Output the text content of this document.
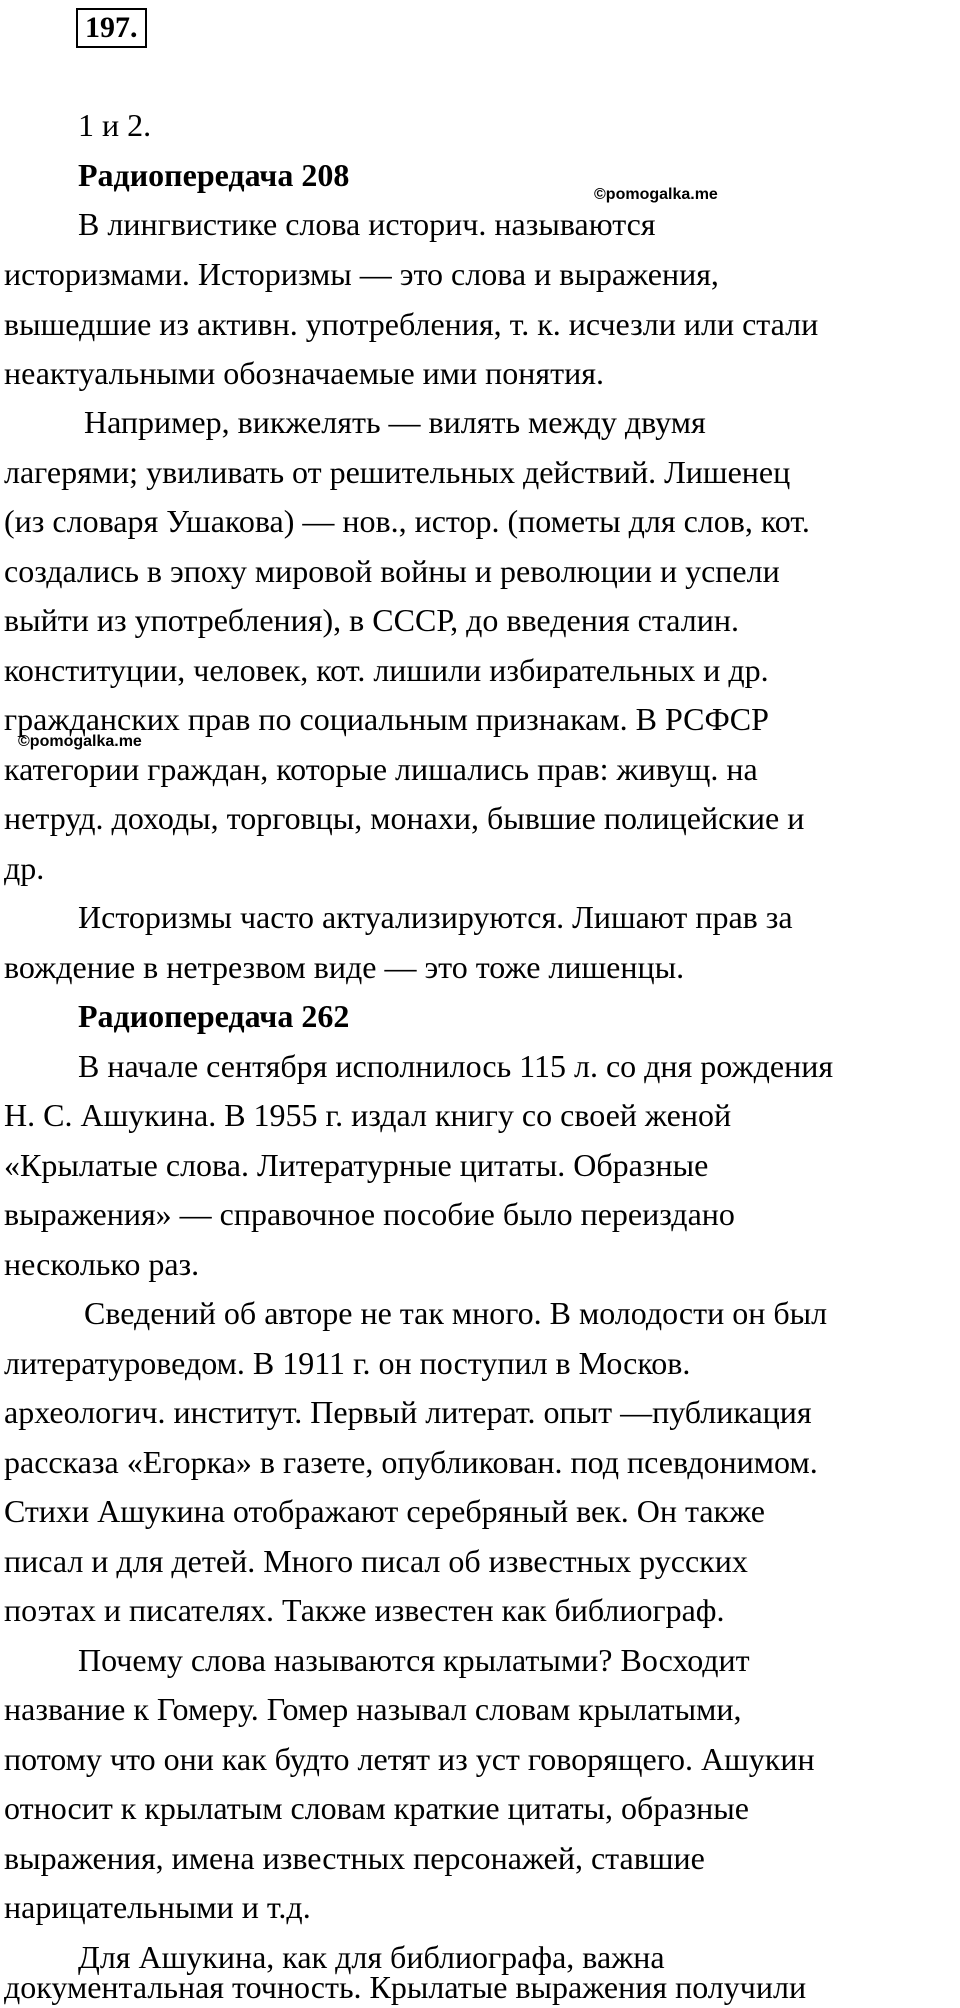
197.
©pomogalka.me
©pomogalka.me
1 и 2.
Радиопередача 208
В лингвистике слова историч. называются
историзмами. Историзмы — это слова и выражения,
вышедшие из активн. употребления, т. к. исчезли или стали
неактуальными обозначаемые ими понятия.
Например, викжелять — вилять между двумя
лагерями; увиливать от решительных действий. Лишенец
(из словаря Ушакова) — нов., истор. (пометы для слов, кот.
создались в эпоху мировой войны и революции и успели
выйти из употребления), в СССР, до введения сталин.
конституции, человек, кот. лишили избирательных и др.
гражданских прав по социальным признакам. В РСФСР
категории граждан, которые лишались прав: живущ. на
нетруд. доходы, торговцы, монахи, бывшие полицейские и
др.
Историзмы часто актуализируются. Лишают прав за
вождение в нетрезвом виде — это тоже лишенцы.
Радиопередача 262
В начале сентября исполнилось 115 л. со дня рождения
Н. С. Ашукина. В 1955 г. издал книгу со своей женой
«Крылатые слова. Литературные цитаты. Образные
выражения» — справочное пособие было переиздано
несколько раз.
Сведений об авторе не так много. В молодости он был
литературоведом. В 1911 г. он поступил в Москов.
археологич. институт. Первый литерат. опыт —публикация
рассказа «Егорка» в газете, опубликован. под псевдонимом.
Стихи Ашукина отображают серебряный век. Он также
писал и для детей. Много писал об известных русских
поэтах и писателях. Также известен как библиограф.
Почему слова называются крылатыми? Восходит
название к Гомеру. Гомер называл словам крылатыми,
потому что они как будто летят из уст говорящего. Ашукин
относит к крылатым словам краткие цитаты, образные
выражения, имена известных персонажей, ставшие
нарицательными и т.д.
Для Ашукина, как для библиографа, важна
документальная точность. Крылатые выражения получили
